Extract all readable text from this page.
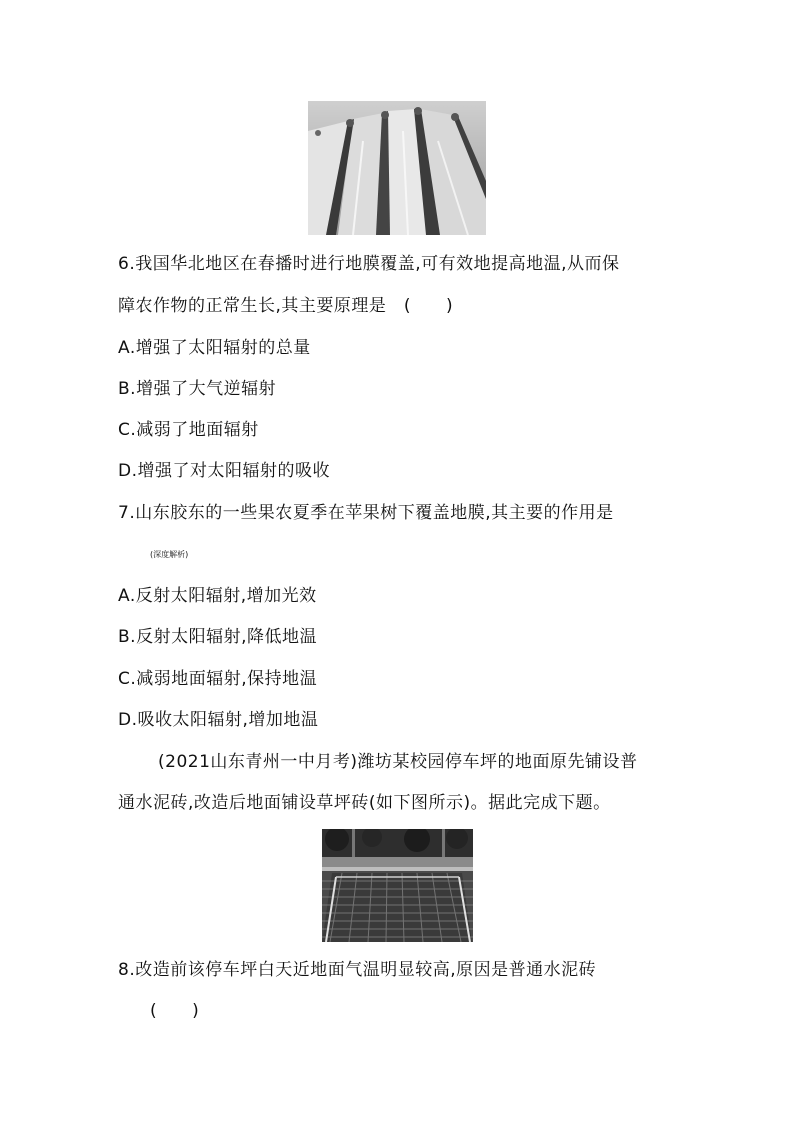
6.我国华北地区在春播时进行地膜覆盖,可有效地提高地温,从而保
障农作物的正常生长,其主要原理是　(　　)
A.增强了太阳辐射的总量
B.增强了大气逆辐射
C.减弱了地面辐射
D.增强了对太阳辐射的吸收
7.山东胶东的一些果农夏季在苹果树下覆盖地膜,其主要的作用是
(深度解析)
A.反射太阳辐射,增加光效
B.反射太阳辐射,降低地温
C.减弱地面辐射,保持地温
D.吸收太阳辐射,增加地温
(2021山东青州一中月考)潍坊某校园停车坪的地面原先铺设普
通水泥砖,改造后地面铺设草坪砖(如下图所示)。据此完成下题。
8.改造前该停车坪白天近地面气温明显较高,原因是普通水泥砖
(　　)
